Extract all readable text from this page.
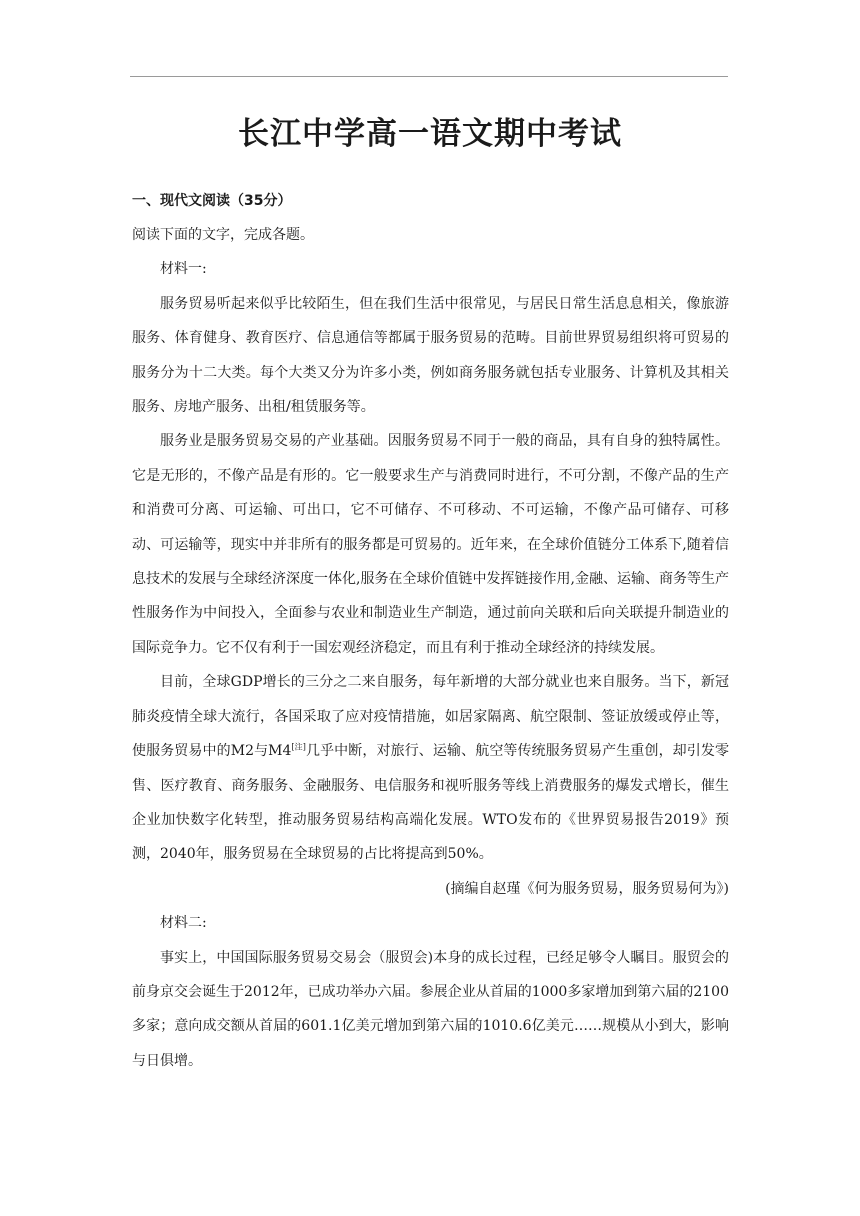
长江中学高一语文期中考试
一、现代文阅读（35分）

阅读下面的文字，完成各题。

材料一:

服务贸易听起来似乎比较陌生，但在我们生活中很常见，与居民日常生活息息相关，像旅游服务、体育健身、教育医疗、信息通信等都属于服务贸易的范畴。目前世界贸易组织将可贸易的服务分为十二大类。每个大类又分为许多小类，例如商务服务就包括专业服务、计算机及其相关服务、房地产服务、出租/租赁服务等。

服务业是服务贸易交易的产业基础。因服务贸易不同于一般的商品，具有自身的独特属性。它是无形的，不像产品是有形的。它一般要求生产与消费同时进行，不可分割，不像产品的生产和消费可分离、可运输、可出口，它不可储存、不可移动、不可运输，不像产品可储存、可移动、可运输等，现实中并非所有的服务都是可贸易的。近年来，在全球价值链分工体系下,随着信息技术的发展与全球经济深度一体化,服务在全球价值链中发挥链接作用,金融、运输、商务等生产性服务作为中间投入，全面参与农业和制造业生产制造，通过前向关联和后向关联提升制造业的国际竞争力。它不仅有利于一国宏观经济稳定，而且有利于推动全球经济的持续发展。

目前，全球GDP增长的三分之二来自服务，每年新增的大部分就业也来自服务。当下，新冠肺炎疫情全球大流行，各国采取了应对疫情措施，如居家隔离、航空限制、签证放缓或停止等，使服务贸易中的M2与M4[注]几乎中断，对旅行、运输、航空等传统服务贸易产生重创，却引发零售、医疗教育、商务服务、金融服务、电信服务和视听服务等线上消费服务的爆发式增长，催生企业加快数字化转型，推动服务贸易结构高端化发展。WTO发布的《世界贸易报告2019》预测，2040年，服务贸易在全球贸易的占比将提高到50%。

(摘编自赵瑾《何为服务贸易，服务贸易何为》)

材料二:

事实上，中国国际服务贸易交易会（服贸会)本身的成长过程，已经足够令人瞩目。服贸会的前身京交会诞生于2012年，已成功举办六届。参展企业从首届的1000多家增加到第六届的2100多家；意向成交额从首届的601.1亿美元增加到第六届的1010.6亿美元……规模从小到大，影响与日俱增。
